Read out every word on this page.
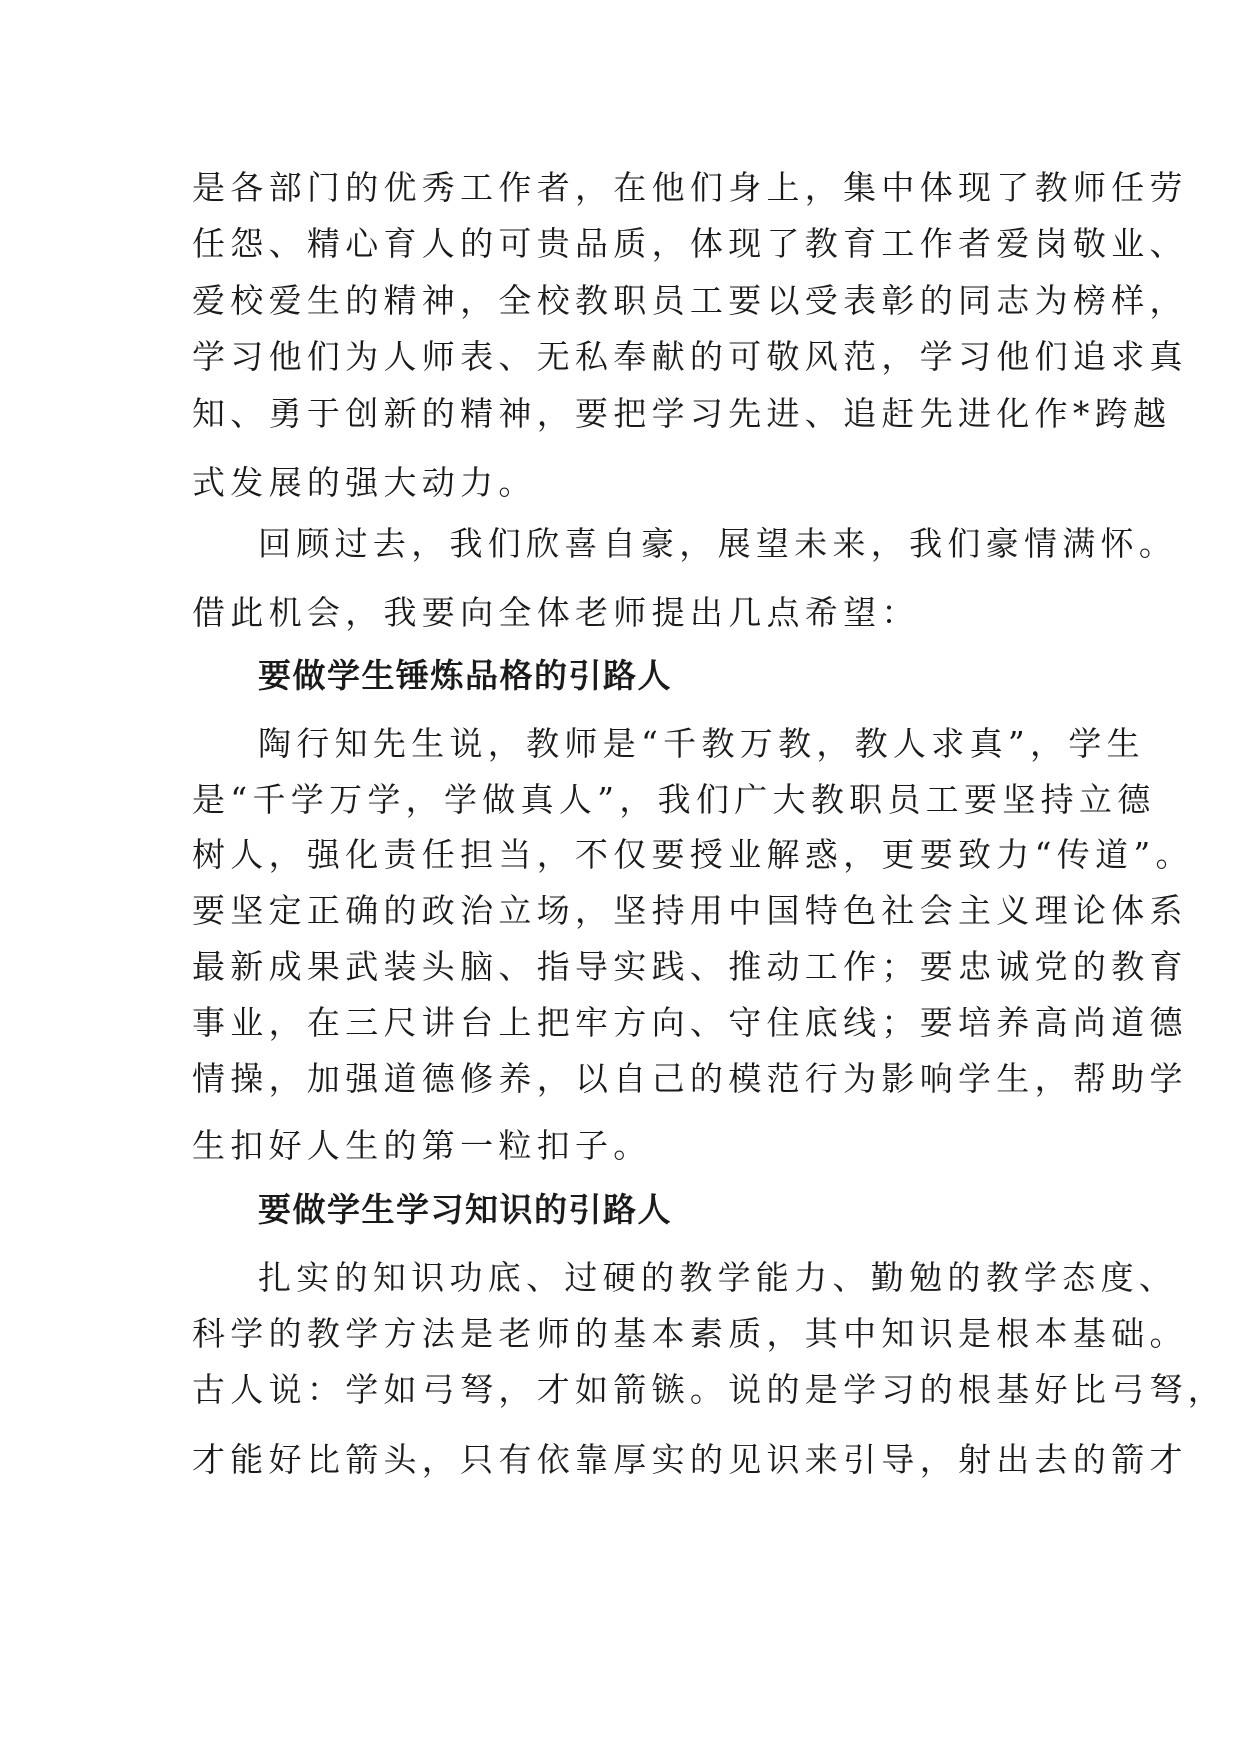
是各部门的优秀工作者，在他们身上，集中体现了教师任劳
任怨、精心育人的可贵品质，体现了教育工作者爱岗敬业、
爱校爱生的精神，全校教职员工要以受表彰的同志为榜样，
学习他们为人师表、无私奉献的可敬风范，学习他们追求真
知、勇于创新的精神，要把学习先进、追赶先进化作*跨越
式发展的强大动力。
回顾过去，我们欣喜自豪，展望未来，我们豪情满怀。
借此机会，我要向全体老师提出几点希望：
要做学生锤炼品格的引路人
陶行知先生说，教师是“千教万教，教人求真”，学生
是“千学万学，学做真人”，我们广大教职员工要坚持立德
树人，强化责任担当，不仅要授业解惑，更要致力“传道”。
要坚定正确的政治立场，坚持用中国特色社会主义理论体系
最新成果武装头脑、指导实践、推动工作；要忠诚党的教育
事业，在三尺讲台上把牢方向、守住底线；要培养高尚道德
情操，加强道德修养，以自己的模范行为影响学生，帮助学
生扣好人生的第一粒扣子。
要做学生学习知识的引路人
扎实的知识功底、过硬的教学能力、勤勉的教学态度、
科学的教学方法是老师的基本素质，其中知识是根本基础。
古人说：学如弓弩，才如箭镞。说的是学习的根基好比弓弩，
才能好比箭头，只有依靠厚实的见识来引导，射出去的箭才
